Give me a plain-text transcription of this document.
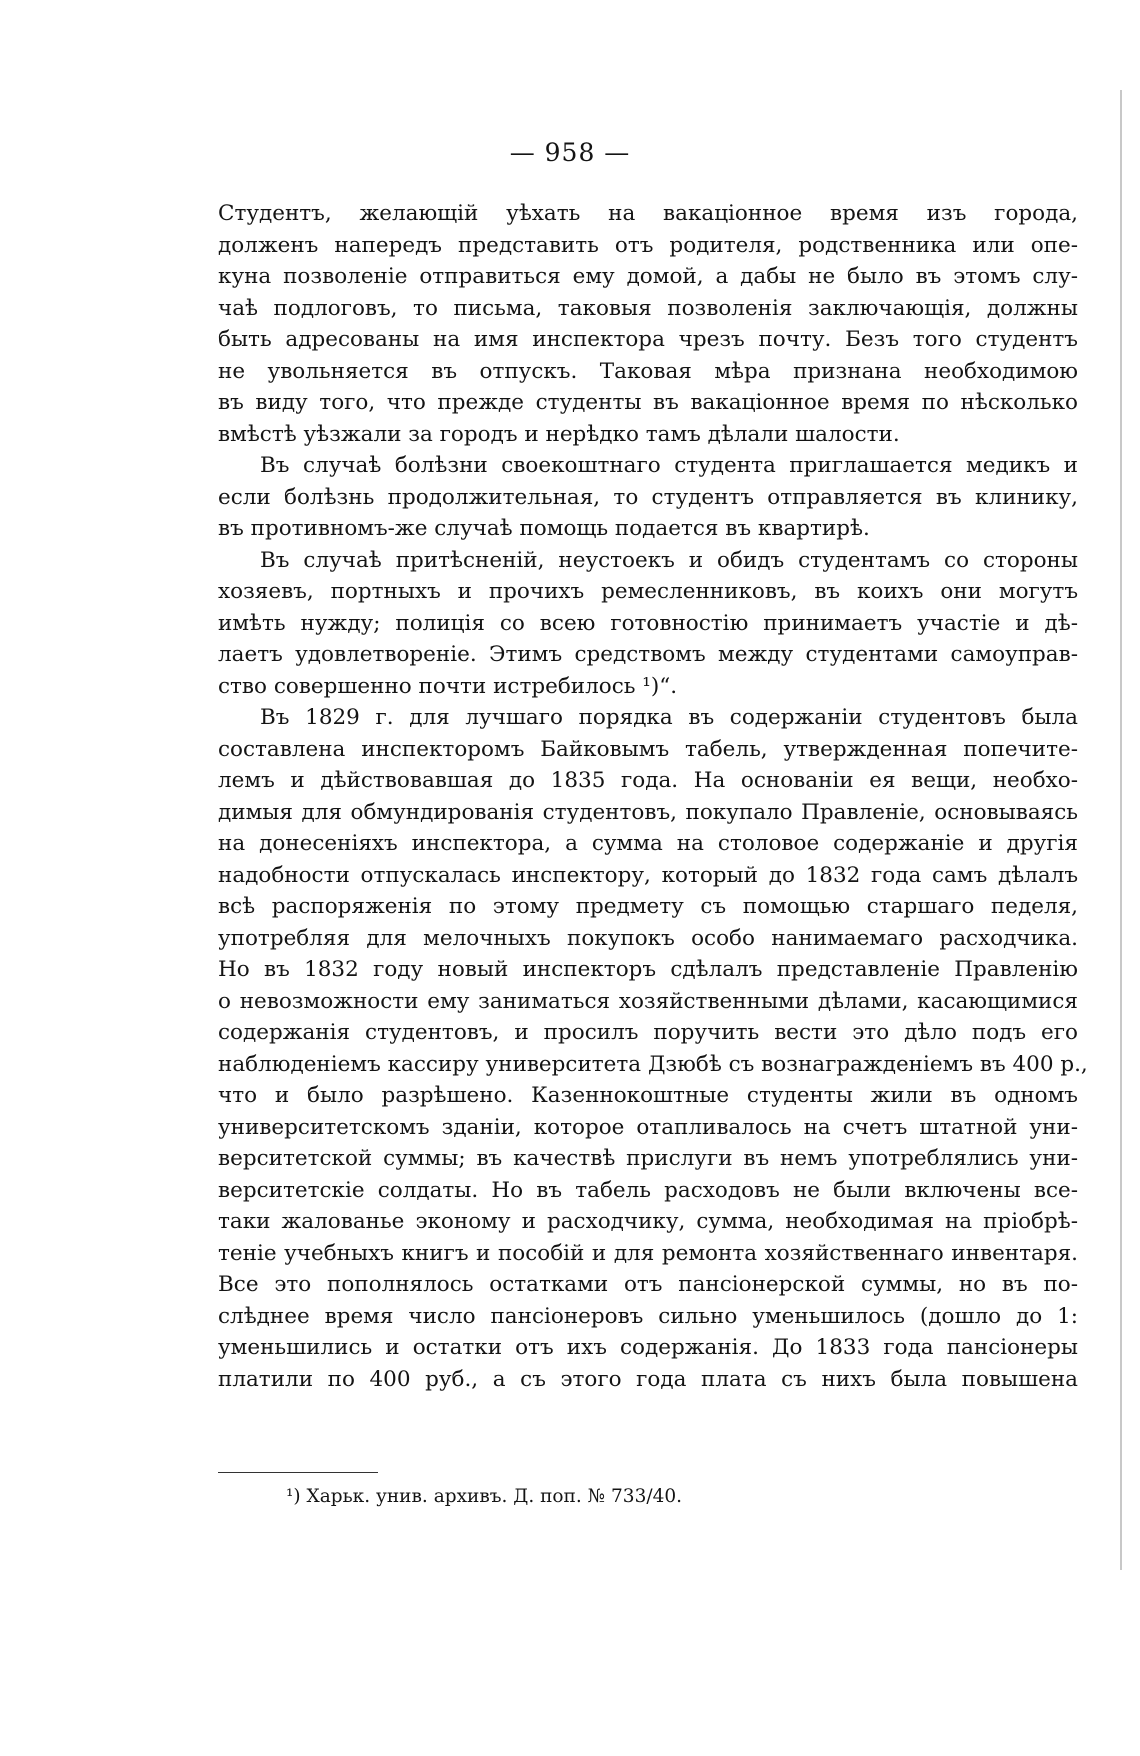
— 958 —
Студентъ, желающій уѣхать на вакаціонное время изъ города,
долженъ напередъ представить отъ родителя, родственника или опе-
куна позволеніе отправиться ему домой, а дабы не было въ этомъ слу-
чаѣ подлоговъ, то письма, таковыя позволенія заключающія, должны
быть адресованы на имя инспектора чрезъ почту. Безъ того студентъ
не увольняется въ отпускъ. Таковая мѣра признана необходимою
въ виду того, что прежде студенты въ вакаціонное время по нѣсколько
вмѣстѣ уѣзжали за городъ и нерѣдко тамъ дѣлали шалости.
Въ случаѣ болѣзни своекоштнаго студента приглашается медикъ и
если болѣзнь продолжительная, то студентъ отправляется въ клинику,
въ противномъ-же случаѣ помощь подается въ квартирѣ.
Въ случаѣ притѣсненій, неустоекъ и обидъ студентамъ со стороны
хозяевъ, портныхъ и прочихъ ремесленниковъ, въ коихъ они могутъ
имѣть нужду; полиція со всею готовностію принимаетъ участіе и дѣ-
лаетъ удовлетвореніе. Этимъ средствомъ между студентами самоуправ-
ство совершенно почти истребилось ¹)“.
Въ 1829 г. для лучшаго порядка въ содержаніи студентовъ была
составлена инспекторомъ Байковымъ табель, утвержденная попечите-
лемъ и дѣйствовавшая до 1835 года. На основаніи ея вещи, необхо-
димыя для обмундированія студентовъ, покупало Правленіе, основываясь
на донесеніяхъ инспектора, а сумма на столовое содержаніе и другія
надобности отпускалась инспектору, который до 1832 года самъ дѣлалъ
всѣ распоряженія по этому предмету съ помощью старшаго педеля,
употребляя для мелочныхъ покупокъ особо нанимаемаго расходчика.
Но въ 1832 году новый инспекторъ сдѣлалъ представленіе Правленію
о невозможности ему заниматься хозяйственными дѣлами, касающимися
содержанія студентовъ, и просилъ поручить вести это дѣло подъ его
наблюденіемъ кассиру университета Дзюбѣ съ вознагражденіемъ въ 400 р.,
что и было разрѣшено. Казеннокоштные студенты жили въ одномъ
университетскомъ зданіи, которое отапливалось на счетъ штатной уни-
верситетской суммы; въ качествѣ прислуги въ немъ употреблялись уни-
верситетскіе солдаты. Но въ табель расходовъ не были включены все-
таки жалованье эконому и расходчику, сумма, необходимая на пріобрѣ-
теніе учебныхъ книгъ и пособій и для ремонта хозяйственнаго инвентаря.
Все это пополнялось остатками отъ пансіонерской суммы, но въ по-
слѣднее время число пансіонеровъ сильно уменьшилось (дошло до 1:
уменьшились и остатки отъ ихъ содержанія. До 1833 года пансіонеры
платили по 400 руб., а съ этого года плата съ нихъ была повышена
¹) Харьк. унив. архивъ. Д. поп. № 733/40.
